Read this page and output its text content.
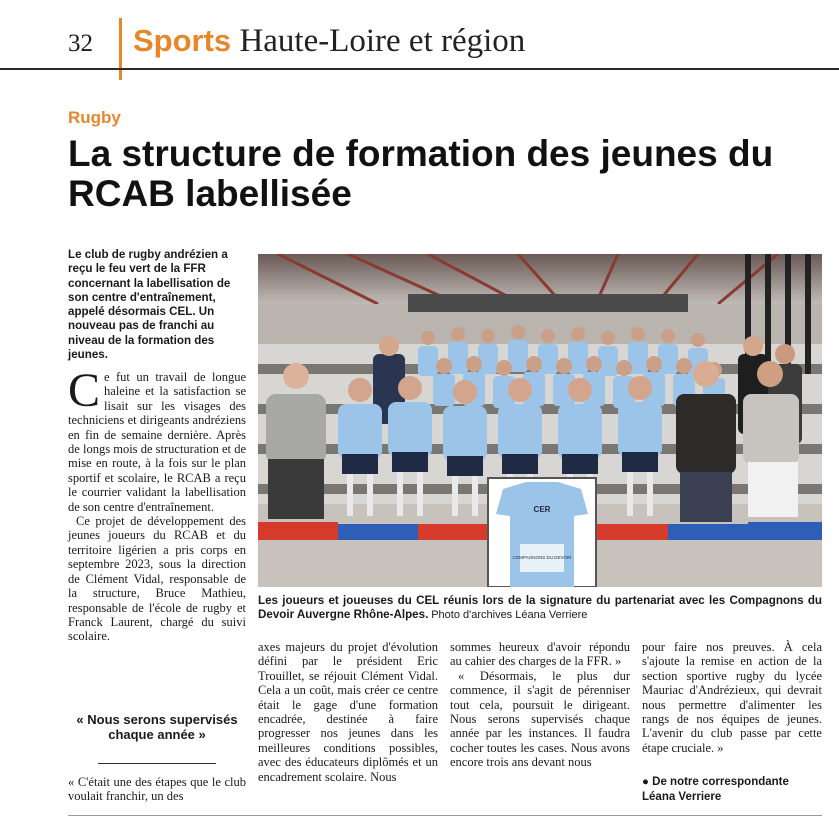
32 Sports Haute-Loire et région
Rugby
La structure de formation des jeunes du RCAB labellisée
Le club de rugby andrézien a reçu le feu vert de la FFR concernant la labellisation de son centre d'entraînement, appelé désormais CEL. Un nouveau pas de franchi au niveau de la formation des jeunes.

Ce fut un travail de longue haleine et la satisfaction se lisait sur les visages des techniciens et dirigeants andréziens en fin de semaine dernière. Après de longs mois de structuration et de mise en route, à la fois sur le plan sportif et scolaire, le RCAB a reçu le courrier validant la labellisation de son centre d'entraînement.

Ce projet de développement des jeunes joueurs du RCAB et du territoire ligérien a pris corps en septembre 2023, sous la direction de Clément Vidal, responsable de la structure, Bruce Mathieu, responsable de l'école de rugby et Franck Laurent, chargé du suivi scolaire.

« Nous serons supervisés chaque année »
« C'était une des étapes que le club voulait franchir, un des
CER
COMPAGNONS DU DEVOIR
Les joueurs et joueuses du CEL réunis lors de la signature du partenariat avec les Compagnons du Devoir Auvergne Rhône-Alpes. Photo d'archives Léana Verriere
axes majeurs du projet d'évolution défini par le président Eric Trouillet, se réjouit Clément Vidal. Cela a un coût, mais créer ce centre était le gage d'une formation encadrée, destinée à faire progresser nos jeunes dans les meilleures conditions possibles, avec des éducateurs diplômés et un encadrement scolaire. Nous

sommes heureux d'avoir répondu au cahier des charges de la FFR. »

« Désormais, le plus dur commence, il s'agit de pérenniser tout cela, poursuit le dirigeant. Nous serons supervisés chaque année par les instances. Il faudra cocher toutes les cases. Nous avons encore trois ans devant nous

pour faire nos preuves. À cela s'ajoute la remise en action de la section sportive rugby du lycée Mauriac d'Andrézieux, qui devrait nous permettre d'alimenter les rangs de nos équipes de jeunes. L'avenir du club passe par cette étape cruciale. »
● De notre correspondante
Léana Verriere
